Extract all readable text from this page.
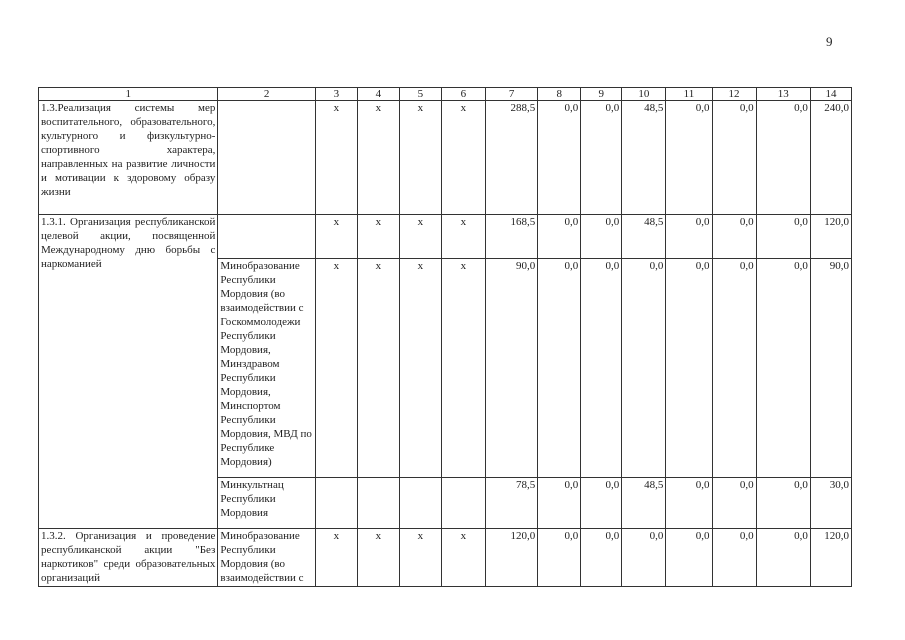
9
1	2	3	4	5	6	7	8	9	10	11	12	13	14
1.3.Реализация системы мер воспитательного, образовательного, культурного и физкультурно-спортивного характера, направленных на развитие личности и мотивации к здоровому образу жизни		x	x	x	x	288,5	0,0	0,0	48,5	0,0	0,0	0,0	240,0
1.3.1. Организация республиканской целевой акции, посвященной Международному дню борьбы с наркоманией		x	x	x	x	168,5	0,0	0,0	48,5	0,0	0,0	0,0	120,0
	Минобразование Республики Мордовия (во взаимодействии с Госкоммолодежи Республики Мордовия, Минздравом Республики Мордовия, Минспортом Республики Мордовия, МВД по Республике Мордовия)	x	x	x	x	90,0	0,0	0,0	0,0	0,0	0,0	0,0	90,0
	Минкультнац Республики Мордовия					78,5	0,0	0,0	48,5	0,0	0,0	0,0	30,0
1.3.2. Организация и проведение республиканской акции "Без наркотиков" среди образовательных организаций	Минобразование Республики Мордовия (во взаимодействии с	x	x	x	x	120,0	0,0	0,0	0,0	0,0	0,0	0,0	120,0
